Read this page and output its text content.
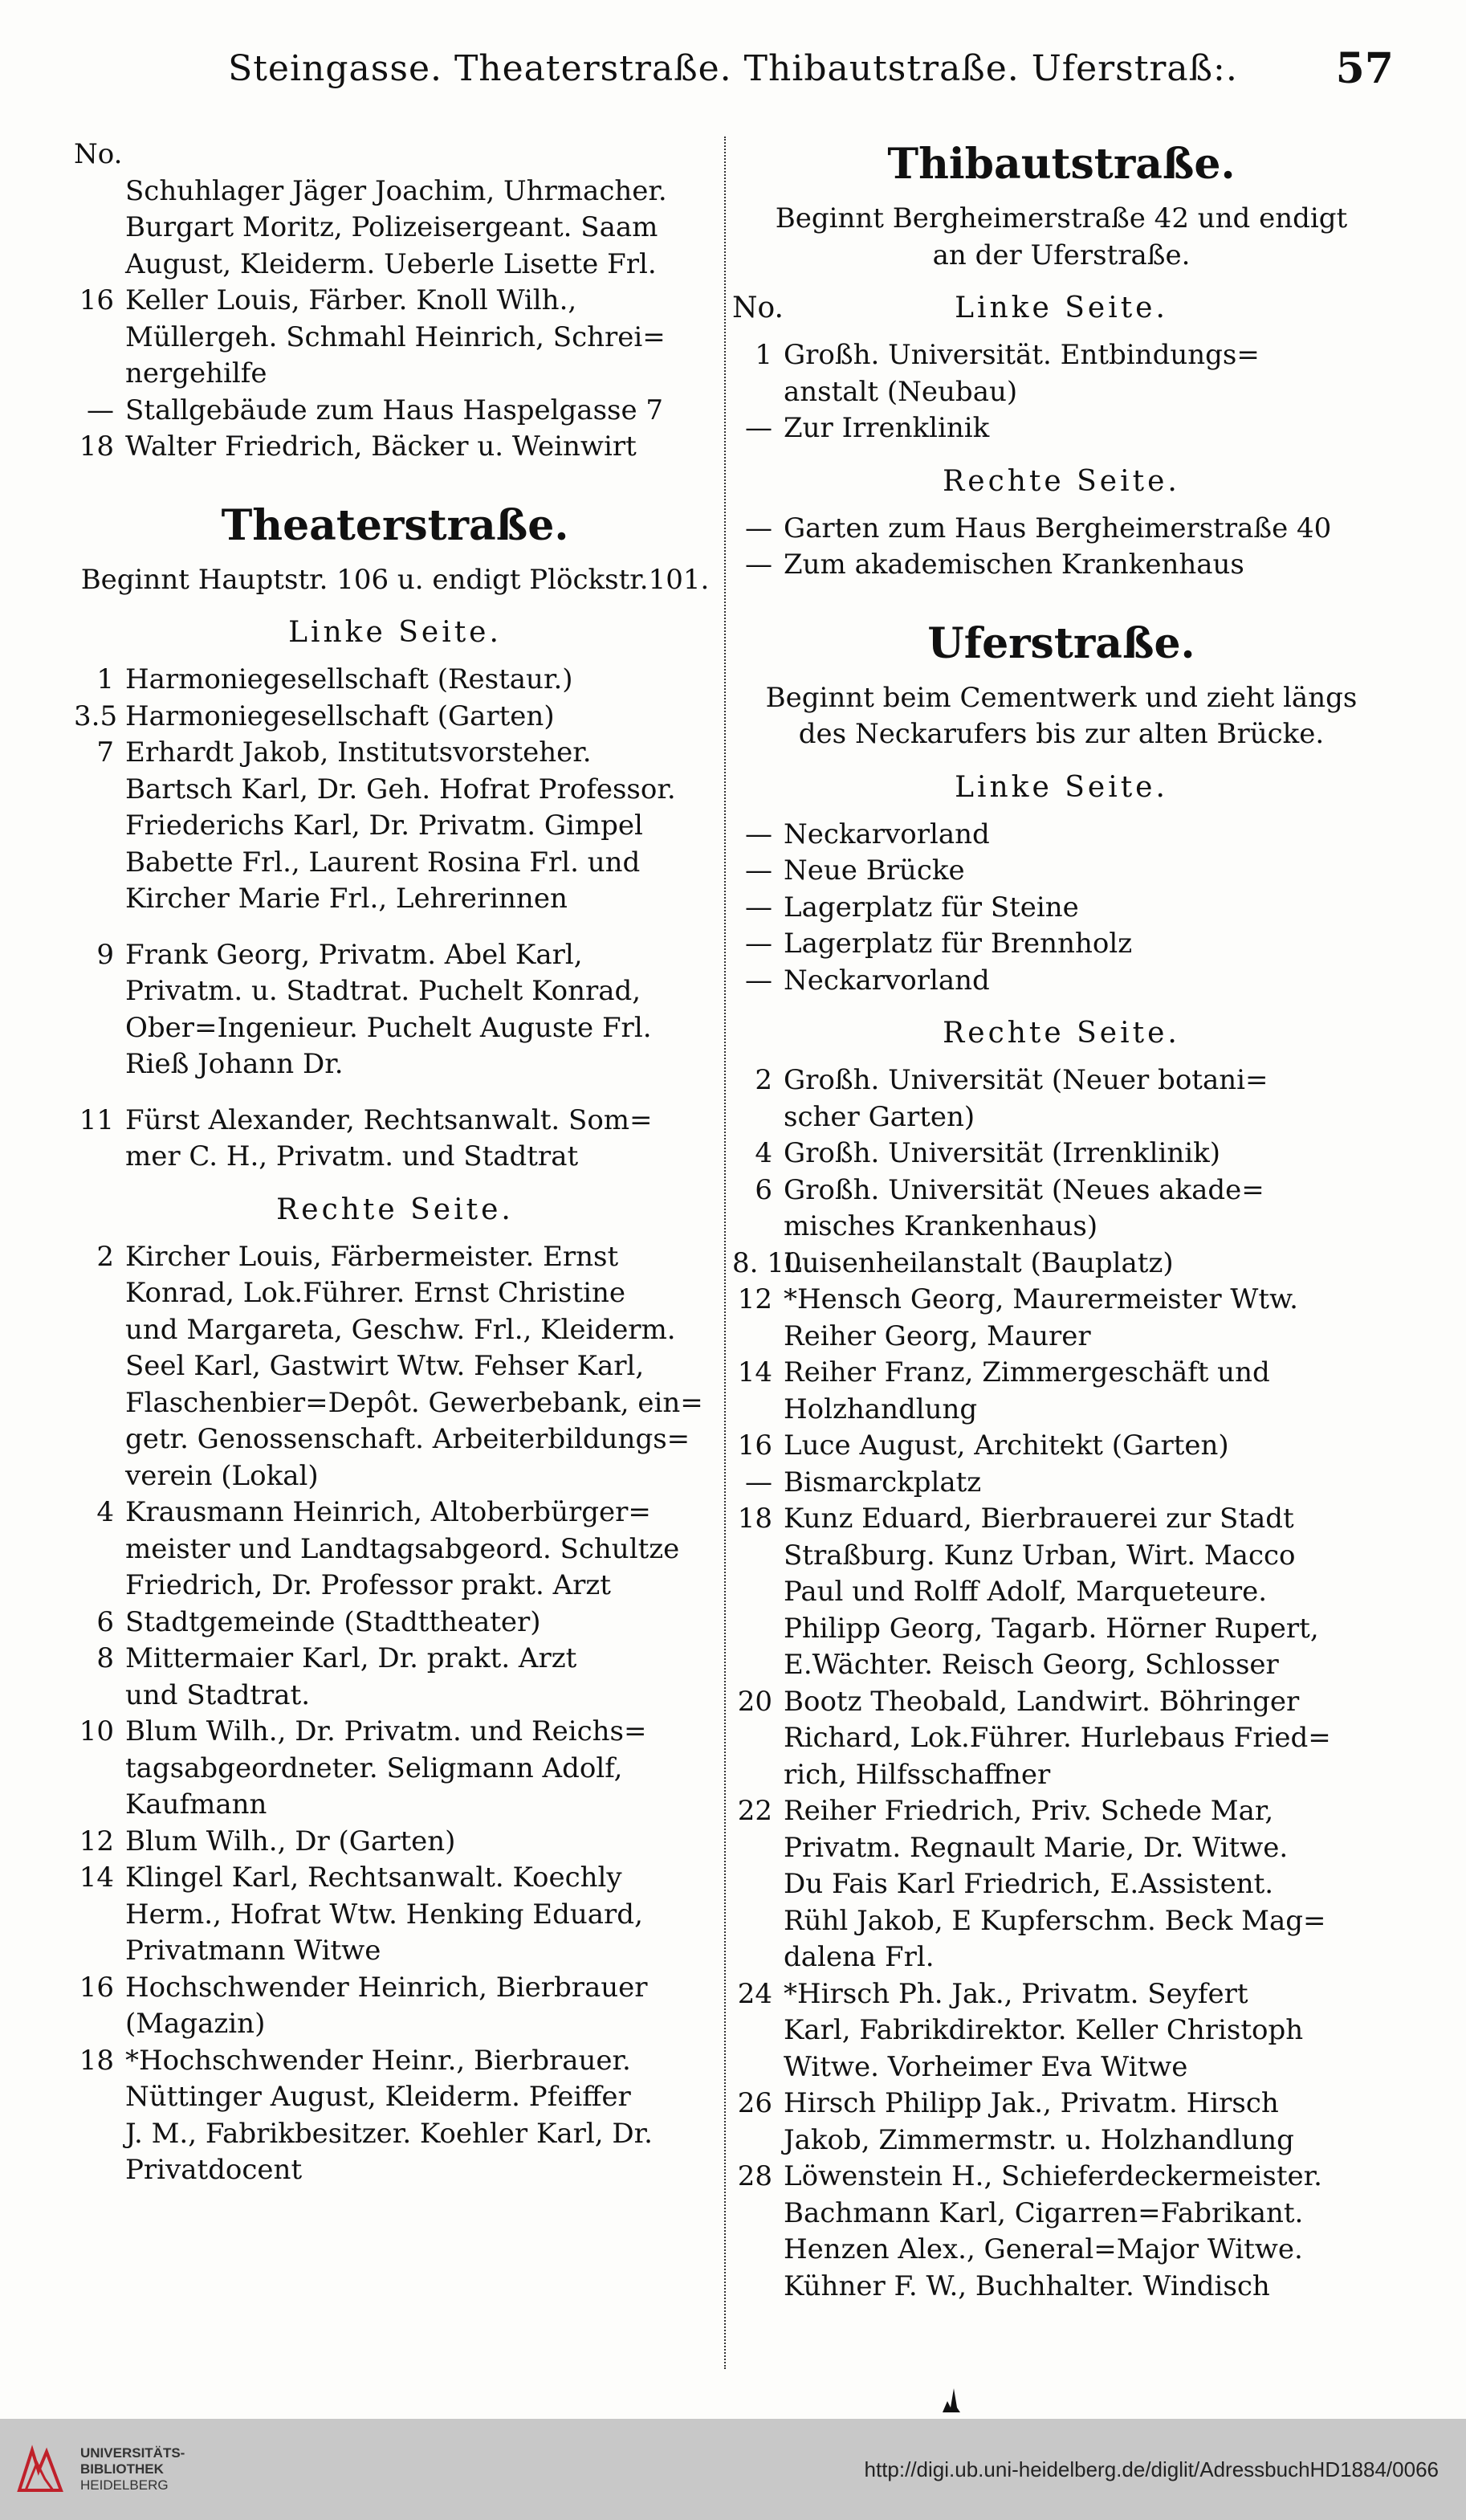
Steingasse. Theaterstraße. Thibautstraße. Uferstraß:. 57
No.
Schuhlager Jäger Joachim, Uhrmacher.
Burgart Moritz, Polizeisergeant. Saam
August, Kleiderm. Ueberle Lisette Frl.
16 Keller Louis, Färber. Knoll Wilh.,
Müllergeh. Schmahl Heinrich, Schrei=
nergehilfe
— Stallgebäude zum Haus Haspelgasse 7
18 Walter Friedrich, Bäcker u. Weinwirt
Theaterstraße.
Beginnt Hauptstr. 106 u. endigt Plöckstr.101.
Linke Seite.
1 Harmoniegesellschaft (Restaur.)
3.5 Harmoniegesellschaft (Garten)
7 Erhardt Jakob, Institutsvorsteher.
Bartsch Karl, Dr. Geh. Hofrat Professor.
Friederichs Karl, Dr. Privatm. Gimpel
Babette Frl., Laurent Rosina Frl. und
Kircher Marie Frl., Lehrerinnen
9 Frank Georg, Privatm. Abel Karl,
Privatm. u. Stadtrat. Puchelt Konrad,
Ober=Ingenieur. Puchelt Auguste Frl.
Rieß Johann Dr.
11 Fürst Alexander, Rechtsanwalt. Som=
mer C. H., Privatm. und Stadtrat
Rechte Seite.
2 Kircher Louis, Färbermeister. Ernst
Konrad, Lok.Führer. Ernst Christine
und Margareta, Geschw. Frl., Kleiderm.
Seel Karl, Gastwirt Wtw. Fehser Karl,
Flaschenbier=Depôt. Gewerbebank, ein=
getr. Genossenschaft. Arbeiterbildungs=
verein (Lokal)
4 Krausmann Heinrich, Altoberbürger=
meister und Landtagsabgeord. Schultze
Friedrich, Dr. Professor prakt. Arzt
6 Stadtgemeinde (Stadttheater)
8 Mittermaier Karl, Dr. prakt. Arzt
und Stadtrat.
10 Blum Wilh., Dr. Privatm. und Reichs=
tagsabgeordneter. Seligmann Adolf,
Kaufmann
12 Blum Wilh., Dr (Garten)
14 Klingel Karl, Rechtsanwalt. Koechly
Herm., Hofrat Wtw. Henking Eduard,
Privatmann Witwe
16 Hochschwender Heinrich, Bierbrauer
(Magazin)
18 *Hochschwender Heinr., Bierbrauer.
Nüttinger August, Kleiderm. Pfeiffer
J. M., Fabrikbesitzer. Koehler Karl, Dr.
Privatdocent
Thibautstraße.
Beginnt Bergheimerstraße 42 und endigt
an der Uferstraße.
No.	Linke Seite.
1 Großh. Universität. Entbindungs=
anstalt (Neubau)
— Zur Irrenklinik
Rechte Seite.
— Garten zum Haus Bergheimerstraße 40
— Zum akademischen Krankenhaus
Uferstraße.
Beginnt beim Cementwerk und zieht längs
des Neckarufers bis zur alten Brücke.
Linke Seite.
— Neckarvorland
— Neue Brücke
— Lagerplatz für Steine
— Lagerplatz für Brennholz
— Neckarvorland
Rechte Seite.
2 Großh. Universität (Neuer botani=
scher Garten)
4 Großh. Universität (Irrenklinik)
6 Großh. Universität (Neues akade=
misches Krankenhaus)
8. 10Luisenheilanstalt (Bauplatz)
12 *Hensch Georg, Maurermeister Wtw.
Reiher Georg, Maurer
14 Reiher Franz, Zimmergeschäft und
Holzhandlung
16 Luce August, Architekt (Garten)
— Bismarckplatz
18 Kunz Eduard, Bierbrauerei zur Stadt
Straßburg. Kunz Urban, Wirt. Macco
Paul und Rolff Adolf, Marqueteure.
Philipp Georg, Tagarb. Hörner Rupert,
E.Wächter. Reisch Georg, Schlosser
20 Bootz Theobald, Landwirt. Böhringer
Richard, Lok.Führer. Hurlebaus Fried=
rich, Hilfsschaffner
22 Reiher Friedrich, Priv. Schede Mar,
Privatm. Regnault Marie, Dr. Witwe.
Du Fais Karl Friedrich, E.Assistent.
Rühl Jakob, E Kupferschm. Beck Mag=
dalena Frl.
24 *Hirsch Ph. Jak., Privatm. Seyfert
Karl, Fabrikdirektor. Keller Christoph
Witwe. Vorheimer Eva Witwe
26 Hirsch Philipp Jak., Privatm. Hirsch
Jakob, Zimmermstr. u. Holzhandlung
28 Löwenstein H., Schieferdeckermeister.
Bachmann Karl, Cigarren=Fabrikant.
Henzen Alex., General=Major Witwe.
Kühner F. W., Buchhalter. Windisch
UNIVERSITÄTS-
BIBLIOTHEK
HEIDELBERG
http://digi.ub.uni-heidelberg.de/diglit/AdressbuchHD1884/0066
